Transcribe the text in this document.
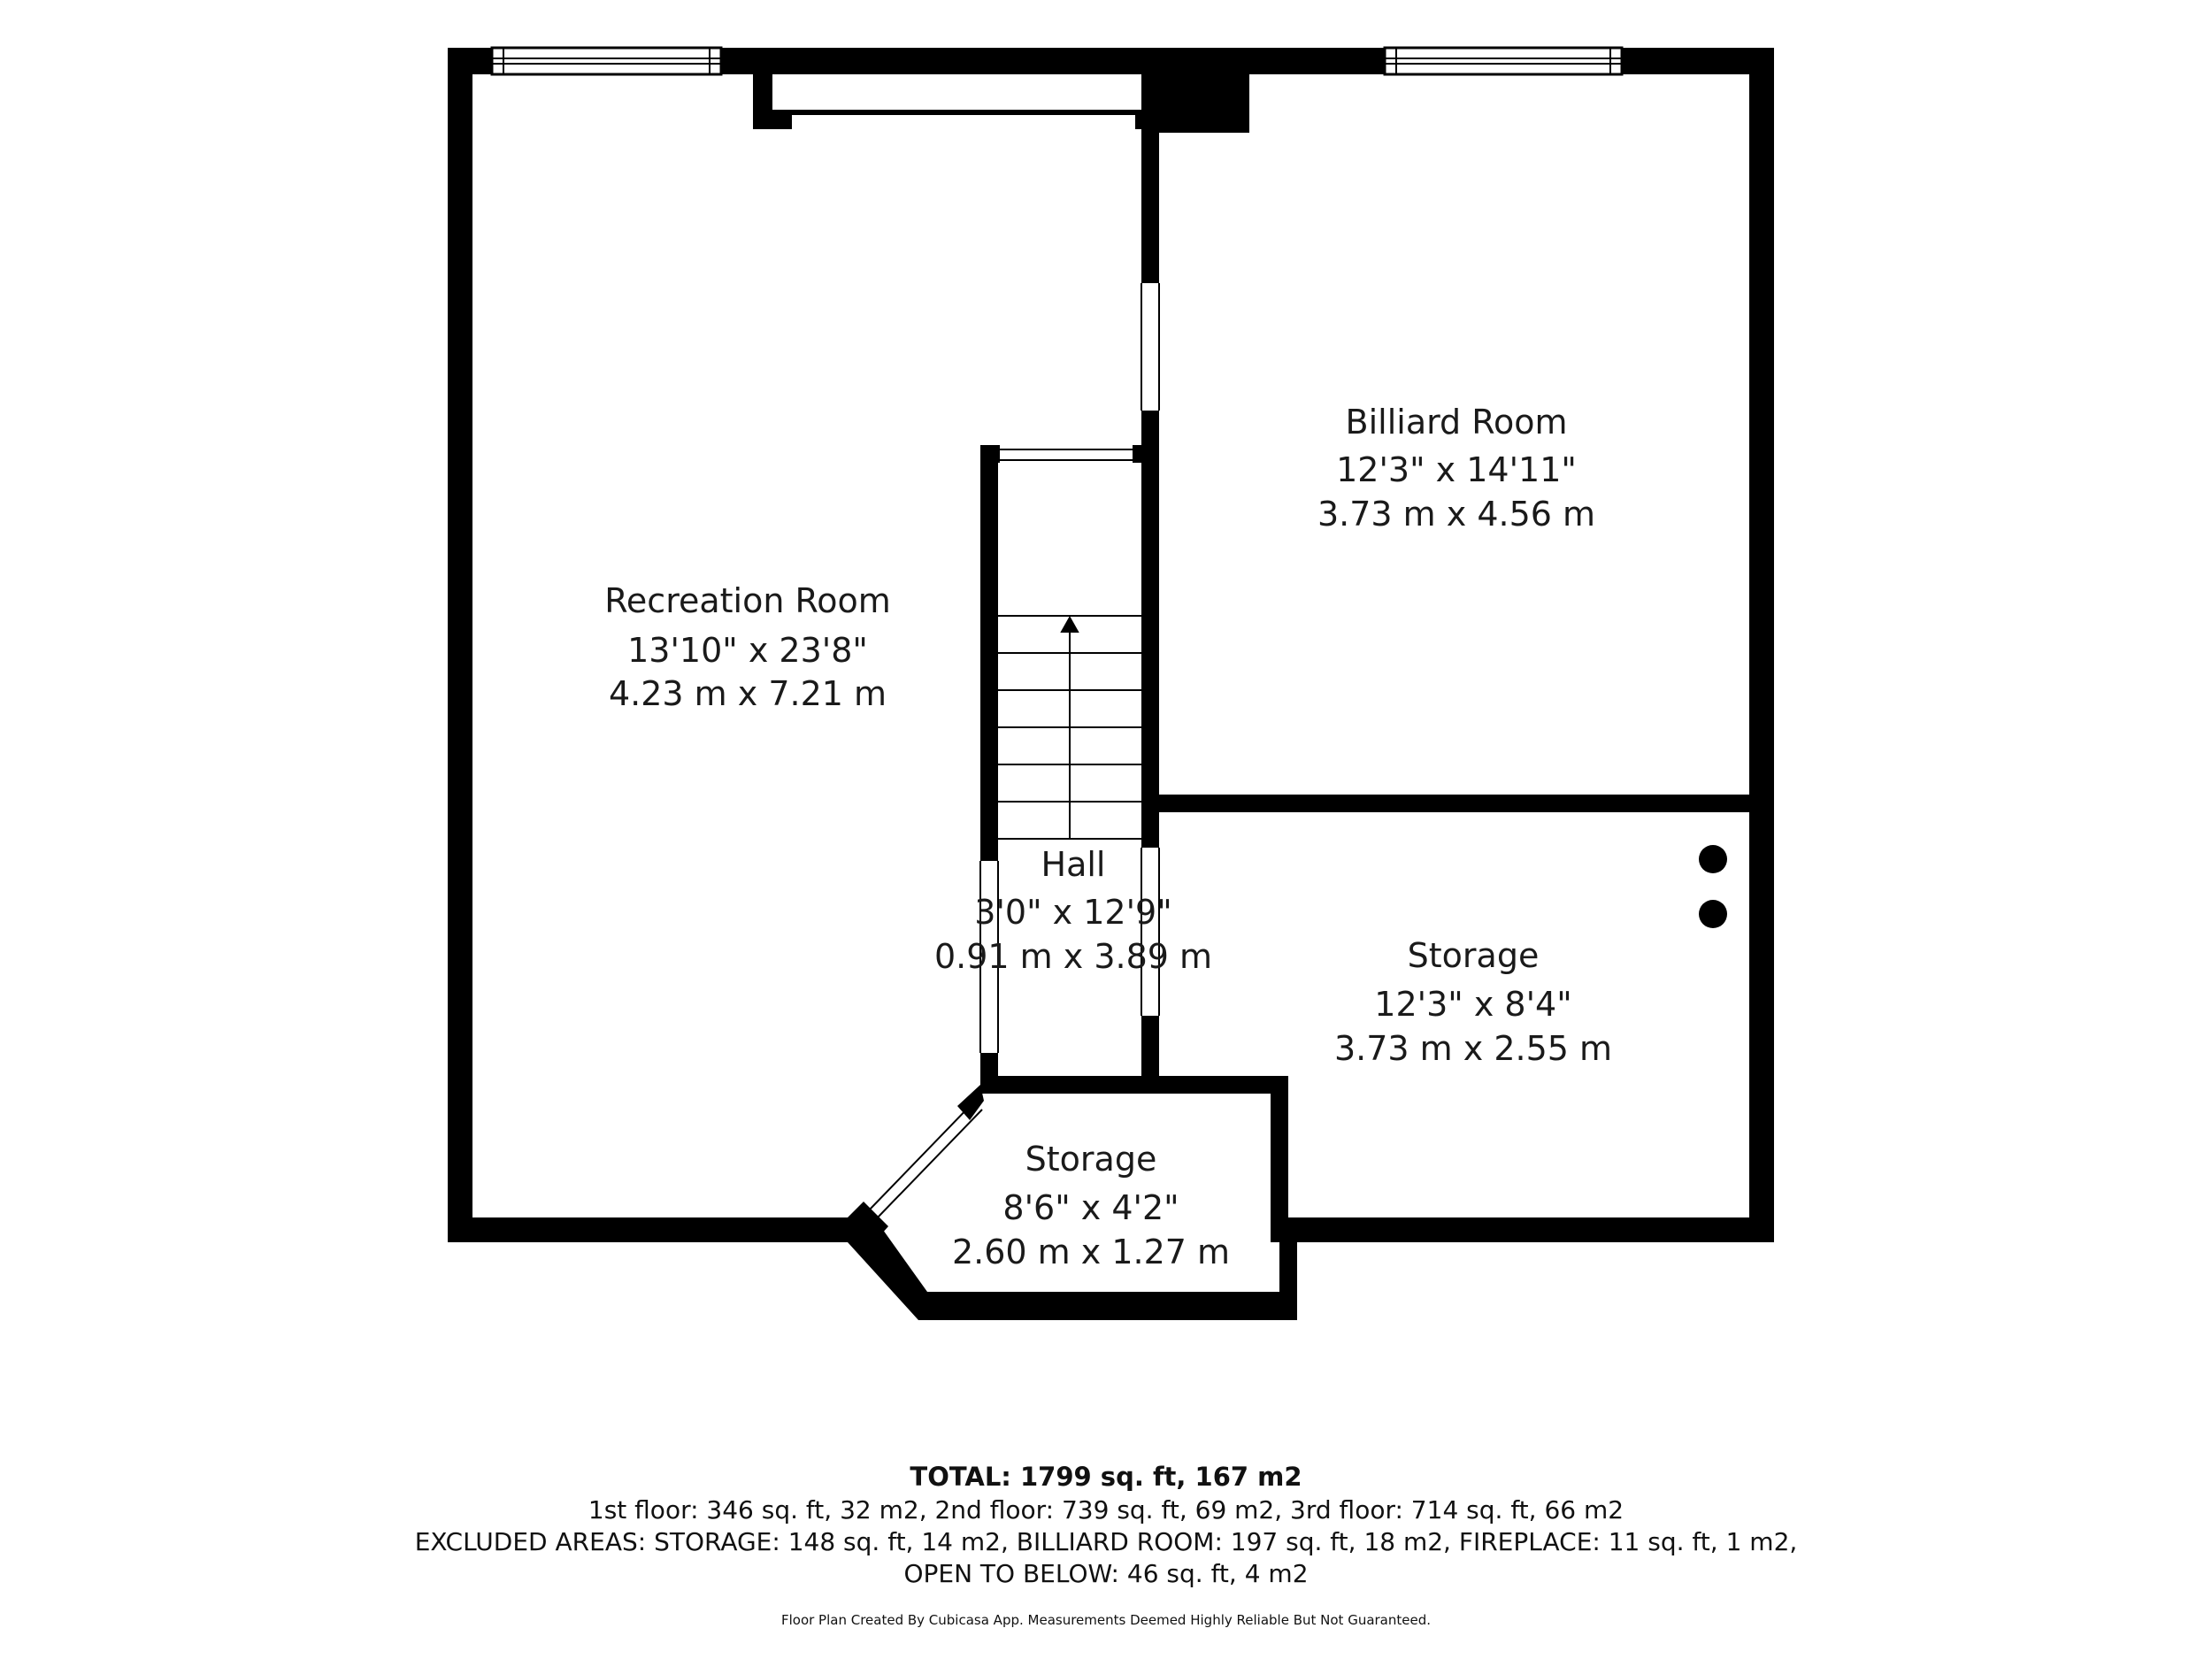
Recreation Room
13'10" x 23'8"
4.23 m x 7.21 m
Billiard Room
12'3" x 14'11"
3.73 m x 4.56 m
Hall
3'0" x 12'9"
0.91 m x 3.89 m	Storage
12'3" x 8'4"
3.73 m x 2.55 m
Storage
8'6" x 4'2"
2.60 m x 1.27 m
TOTAL: 1799 sq. ft, 167 m2
1st floor: 346 sq. ft, 32 m2, 2nd floor: 739 sq. ft, 69 m2, 3rd floor: 714 sq. ft, 66 m2
EXCLUDED AREAS: STORAGE: 148 sq. ft, 14 m2, BILLIARD ROOM: 197 sq. ft, 18 m2, FIREPLACE: 11 sq. ft, 1 m2,
OPEN TO BELOW: 46 sq. ft, 4 m2
Floor Plan Created By Cubicasa App. Measurements Deemed Highly Reliable But Not Guaranteed.
